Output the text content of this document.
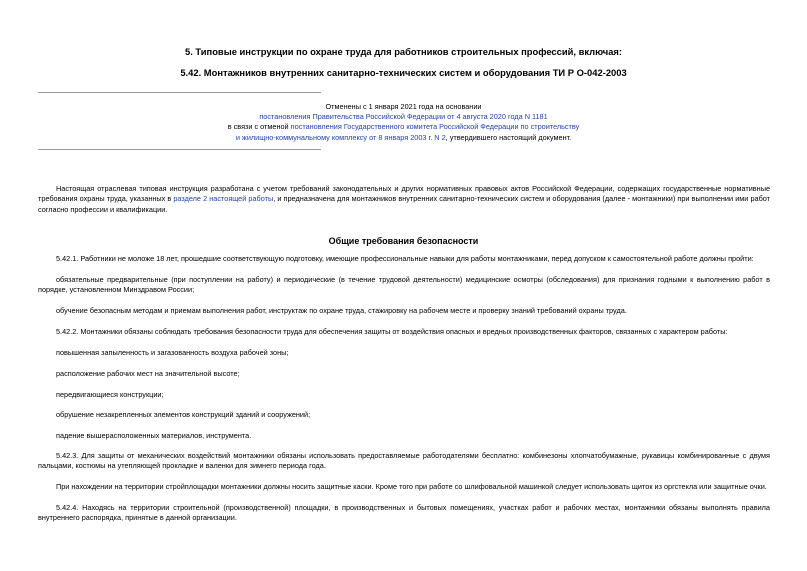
5. Типовые инструкции по охране труда для работников строительных профессий, включая:
5.42. Монтажников внутренних санитарно-технических систем и оборудования ТИ Р О-042-2003
Отменены с 1 января 2021 года на основании
постановления Правительства Российской Федерации от 4 августа 2020 года N 1181
в связи с отменой постановления Государственного комитета Российской Федерации по строительству
и жилищно-коммунальному комплексу от 8 января 2003 г. N 2, утвердившего настоящий документ.

Настоящая отраслевая типовая инструкция разработана с учетом требований законодательных и других нормативных правовых актов Российской Федерации, содержащих государственные нормативные требования охраны труда, указанных в разделе 2 настоящей работы, и предназначена для монтажников внутренних санитарно-технических систем и оборудования (далее - монтажники) при выполнении ими работ согласно профессии и квалификации.

Общие требования безопасности

5.42.1. Работники не моложе 18 лет, прошедшие соответствующую подготовку, имеющие профессиональные навыки для работы монтажниками, перед допуском к самостоятельной работе должны пройти:

обязательные предварительные (при поступлении на работу) и периодические (в течение трудовой деятельности) медицинские осмотры (обследования) для признания годными к выполнению работ в порядке, установленном Минздравом России;

обучение безопасным методам и приемам выполнения работ, инструктаж по охране труда, стажировку на рабочем месте и проверку знаний требований охраны труда.

5.42.2. Монтажники обязаны соблюдать требования безопасности труда для обеспечения защиты от воздействия опасных и вредных производственных факторов, связанных с характером работы:

повышенная запыленность и загазованность воздуха рабочей зоны;

расположение рабочих мест на значительной высоте;

передвигающиеся конструкции;

обрушение незакрепленных элементов конструкций зданий и сооружений;

падение вышерасположенных материалов, инструмента.

5.42.3. Для защиты от механических воздействий монтажники обязаны использовать предоставляемые работодателями бесплатно: комбинезоны хлопчатобумажные, рукавицы комбинированные с двумя пальцами, костюмы на утепляющей прокладке и валенки для зимнего периода года.

При нахождении на территории стройплощадки монтажники должны носить защитные каски. Кроме того при работе со шлифовальной машинкой следует использовать щиток из оргстекла или защитные очки.

5.42.4. Находясь на территории строительной (производственной) площадки, в производственных и бытовых помещениях, участках работ и рабочих местах, монтажники обязаны выполнять правила внутреннего распорядка, принятые в данной организации.
